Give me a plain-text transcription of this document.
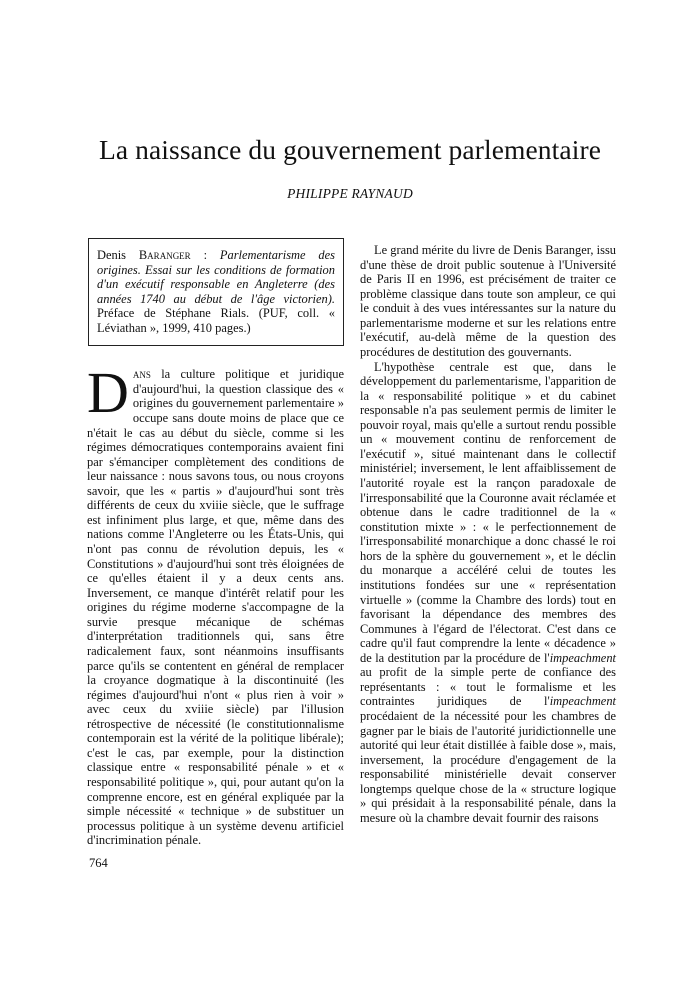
La naissance du gouvernement parlementaire
PHILIPPE RAYNAUD
Denis Baranger : Parlementarisme des origines. Essai sur les conditions de formation d'un exécutif responsable en Angleterre (des années 1740 au début de l'âge victorien). Préface de Stéphane Rials. (PUF, coll. « Léviathan », 1999, 410 pages.)

Dans la culture politique et juridique d'aujourd'hui, la question classique des « origines du gouvernement parlementaire » occupe sans doute moins de place que ce n'était le cas au début du siècle, comme si les régimes démocratiques contemporains avaient fini par s'émanciper complètement des conditions de leur naissance : nous savons tous, ou nous croyons savoir, que les « partis » d'aujourd'hui sont très différents de ceux du xviiie siècle, que le suffrage est infiniment plus large, et que, même dans des nations comme l'Angleterre ou les États-Unis, qui n'ont pas connu de révolution depuis, les « Constitutions » d'aujourd'hui sont très éloignées de ce qu'elles étaient il y a deux cents ans. Inversement, ce manque d'intérêt relatif pour les origines du régime moderne s'accompagne de la survie presque mécanique de schémas d'interprétation traditionnels qui, sans être radicalement faux, sont néanmoins insuffisants parce qu'ils se contentent en général de remplacer la croyance dogmatique à la discontinuité (les régimes d'aujourd'hui n'ont « plus rien à voir » avec ceux du xviiie siècle) par l'illusion rétrospective de nécessité (le constitutionnalisme contemporain est la vérité de la politique libérale); c'est le cas, par exemple, pour la distinction classique entre « responsabilité pénale » et « responsabilité politique », qui, pour autant qu'on la comprenne encore, est en général expliquée par la simple nécessité « technique » de substituer un processus politique à un système devenu artificiel d'incrimination pénale.

Le grand mérite du livre de Denis Baranger, issu d'une thèse de droit public soutenue à l'Université de Paris II en 1996, est précisément de traiter ce problème classique dans toute son ampleur, ce qui le conduit à des vues intéressantes sur la nature du parlementarisme moderne et sur les relations entre l'exécutif, au-delà même de la question des procédures de destitution des gouvernants.

L'hypothèse centrale est que, dans le développement du parlementarisme, l'apparition de la « responsabilité politique » et du cabinet responsable n'a pas seulement permis de limiter le pouvoir royal, mais qu'elle a surtout rendu possible un « mouvement continu de renforcement de l'exécutif », situé maintenant dans le collectif ministériel; inversement, le lent affaiblissement de l'autorité royale est la rançon paradoxale de l'irresponsabilité que la Couronne avait réclamée et obtenue dans le cadre traditionnel de la « constitution mixte » : « le perfectionnement de l'irresponsabilité monarchique a donc chassé le roi hors de la sphère du gouvernement », et le déclin du monarque a accéléré celui de toutes les institutions fondées sur une « représentation virtuelle » (comme la Chambre des lords) tout en favorisant la dépendance des membres des Communes à l'égard de l'électorat. C'est dans ce cadre qu'il faut comprendre la lente « décadence » de la destitution par la procédure de l'impeachment au profit de la simple perte de confiance des représentants : « tout le formalisme et les contraintes juridiques de l'impeachment procédaient de la nécessité pour les chambres de gagner par le biais de l'autorité juridictionnelle une autorité qui leur était distillée à faible dose », mais, inversement, la procédure d'engagement de la responsabilité ministérielle devait conserver longtemps quelque chose de la « structure logique » qui présidait à la responsabilité pénale, dans la mesure où la chambre devait fournir des raisons

764
